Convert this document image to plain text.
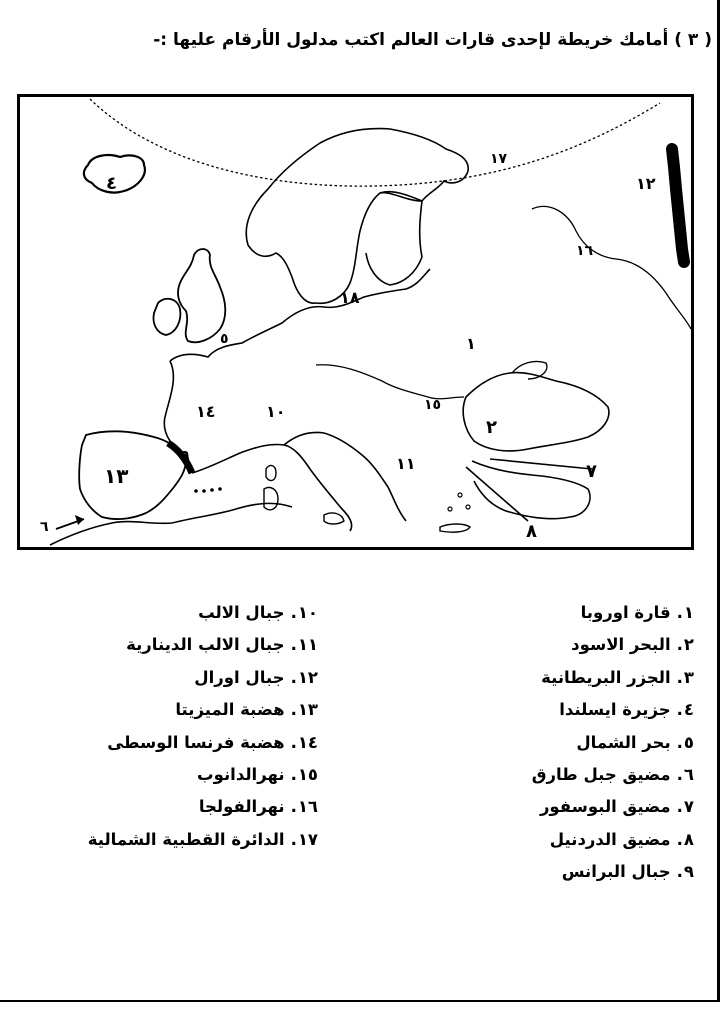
( ٣ ) أمامك خريطة لإحدى قارات العالم اكتب مدلول الأرقام عليها :-
١
٢
٤
٥
٦
٧
٨
٩
١٠
١١
١٢
١٣
١٤	١٥
١٦
١٧
١٨
١.قارة اوروبا
٢.البحر الاسود
٣.الجزر البريطانية
٤.جزيرة ايسلندا
٥.بحر الشمال
٦.مضيق جبل طارق
٧.مضيق البوسفور
٨.مضيق الدردنيل
٩.جبال البرانس
١٠.جبال الالب
١١.جبال الالب الدينارية
١٢.جبال اورال
١٣.هضبة الميزيتا
١٤.هضبة فرنسا الوسطى
١٥.نهرالدانوب
١٦.نهرالفولجا
١٧.الدائرة القطبية الشمالية
